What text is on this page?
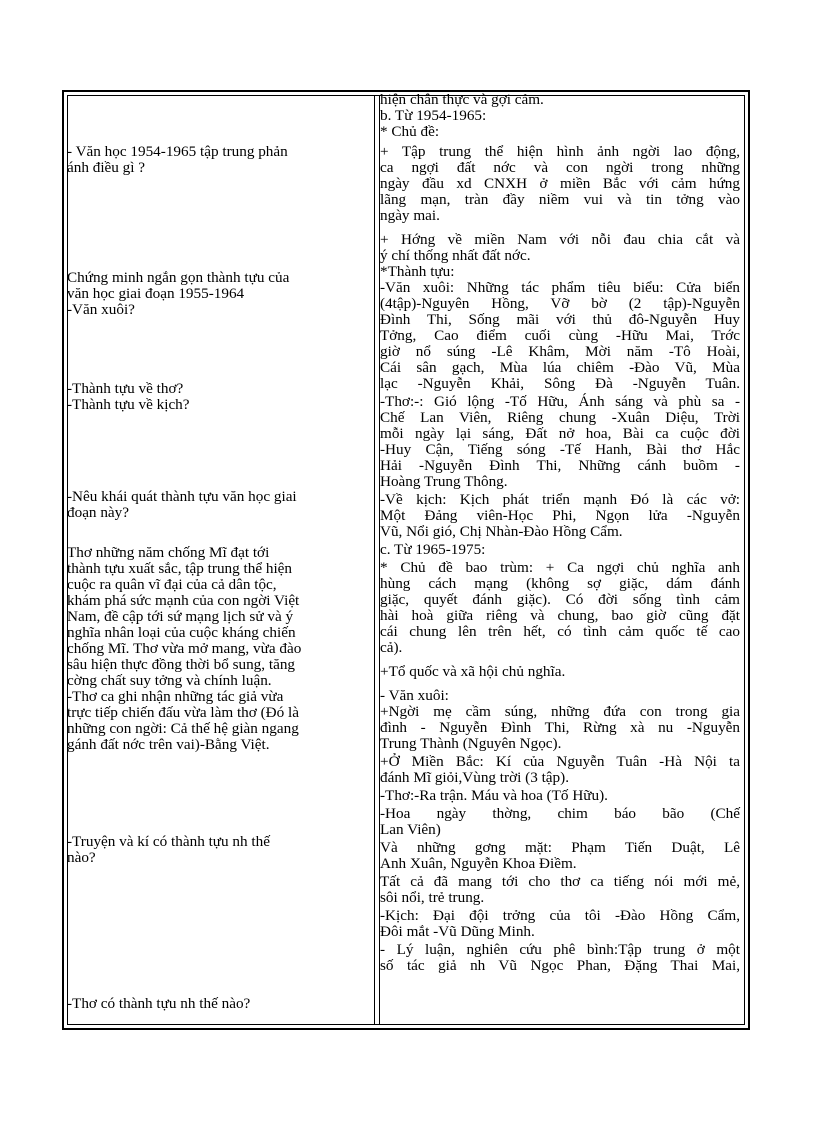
- Văn học 1954-1965 tập trung phản
ánh điều gì ?
Chứng minh ngắn gọn thành tựu của
văn học giai đoạn 1955-1964
-Văn xuôi?
-Thành tựu về thơ?
-Thành tựu về kịch?
-Nêu khái quát thành tựu văn học giai
đoạn này?
Thơ những năm chống Mĩ đạt tới
thành tựu xuất sắc, tập trung thể hiện
cuộc ra quân vĩ đại của cả dân tộc,
khám phá sức mạnh của con ngời Việt
Nam, đề cập tới sứ mạng lịch sử và ý
nghĩa nhân loại của cuộc kháng chiến
chống Mĩ. Thơ vừa mở mang, vừa đào
sâu hiện thực đồng thời bổ sung, tăng
cờng chất suy tởng và chính luận.
-Thơ ca ghi nhận những tác giả vừa
trực tiếp chiến đấu vừa làm thơ (Đó là
những con ngời: Cả thế hệ giàn ngang
gánh đất nớc trên vai)-Bằng Việt.
-Truyện và kí có thành tựu nh thế
nào?
-Thơ có thành tựu nh thế nào?
hiện chân thực và gợi cảm.
b. Từ 1954-1965:
* Chủ đề:
+ Tập trung thể hiện hình ảnh ngời lao động,
ca ngợi đất nớc và con ngời trong những
ngày đầu xd CNXH ở miền Bắc với cảm hứng
lãng mạn, tràn đầy niềm vui và tin tởng vào
ngày mai.
+ Hớng về miền Nam với nỗi đau chia cắt và
ý chí thống nhất đất nớc.
*Thành tựu:
-Văn xuôi: Những tác phẩm tiêu biểu: Cửa biển
(4tập)-Nguyên Hồng, Vỡ bờ (2 tập)-Nguyễn
Đình Thi, Sống mãi với thủ đô-Nguyễn Huy
Tởng, Cao điểm cuối cùng -Hữu Mai, Trớc
giờ nổ súng -Lê Khâm, Mời năm -Tô Hoài,
Cái sân gạch, Mùa lúa chiêm -Đào Vũ, Mùa
lạc -Nguyễn Khải, Sông Đà -Nguyễn Tuân.
-Thơ:-: Gió lộng -Tố Hữu, Ánh sáng và phù sa -
Chế Lan Viên, Riêng chung -Xuân Diệu, Trời
mỗi ngày lại sáng, Đất nở hoa, Bài ca cuộc đời
-Huy Cận, Tiếng sóng -Tế Hanh, Bài thơ Hắc
Hải -Nguyễn Đình Thi, Những cánh buồm -
Hoàng Trung Thông.
-Về kịch: Kịch phát triển mạnh Đó là các vở:
Một Đảng viên-Học Phi, Ngọn lửa -Nguyễn
Vũ, Nổi gió, Chị Nhàn-Đào Hồng Cẩm.
c. Từ 1965-1975:
* Chủ đề bao trùm: + Ca ngợi chủ nghĩa anh
hùng cách mạng (không sợ giặc, dám đánh
giặc, quyết đánh giặc). Có đời sống tình cảm
hài hoà giữa riêng và chung, bao giờ cũng đặt
cái chung lên trên hết, có tình cảm quốc tế cao
cả).
+Tổ quốc và xã hội chủ nghĩa.
- Văn xuôi:
+Ngời mẹ cầm súng, những đứa con trong gia
đình - Nguyễn Đình Thi, Rừng xà nu -Nguyễn
Trung Thành (Nguyên Ngọc).
+Ở Miền Bắc: Kí của Nguyễn Tuân -Hà Nội ta
đánh Mĩ giỏi,Vùng trời (3 tập).
-Thơ:-Ra trận. Máu và hoa (Tố Hữu).
-Hoa ngày thờng, chim báo bão (Chế
Lan Viên)
Và những gơng mặt: Phạm Tiến Duật, Lê
Anh Xuân, Nguyễn Khoa Điềm.
Tất cả đã mang tới cho thơ ca tiếng nói mới mẻ,
sôi nổi, trẻ trung.
-Kịch: Đại đội trởng của tôi -Đào Hồng Cẩm,
Đôi mắt -Vũ Dũng Minh.
- Lý luận, nghiên cứu phê bình:Tập trung ở một
số tác giả nh Vũ Ngọc Phan, Đặng Thai Mai,
